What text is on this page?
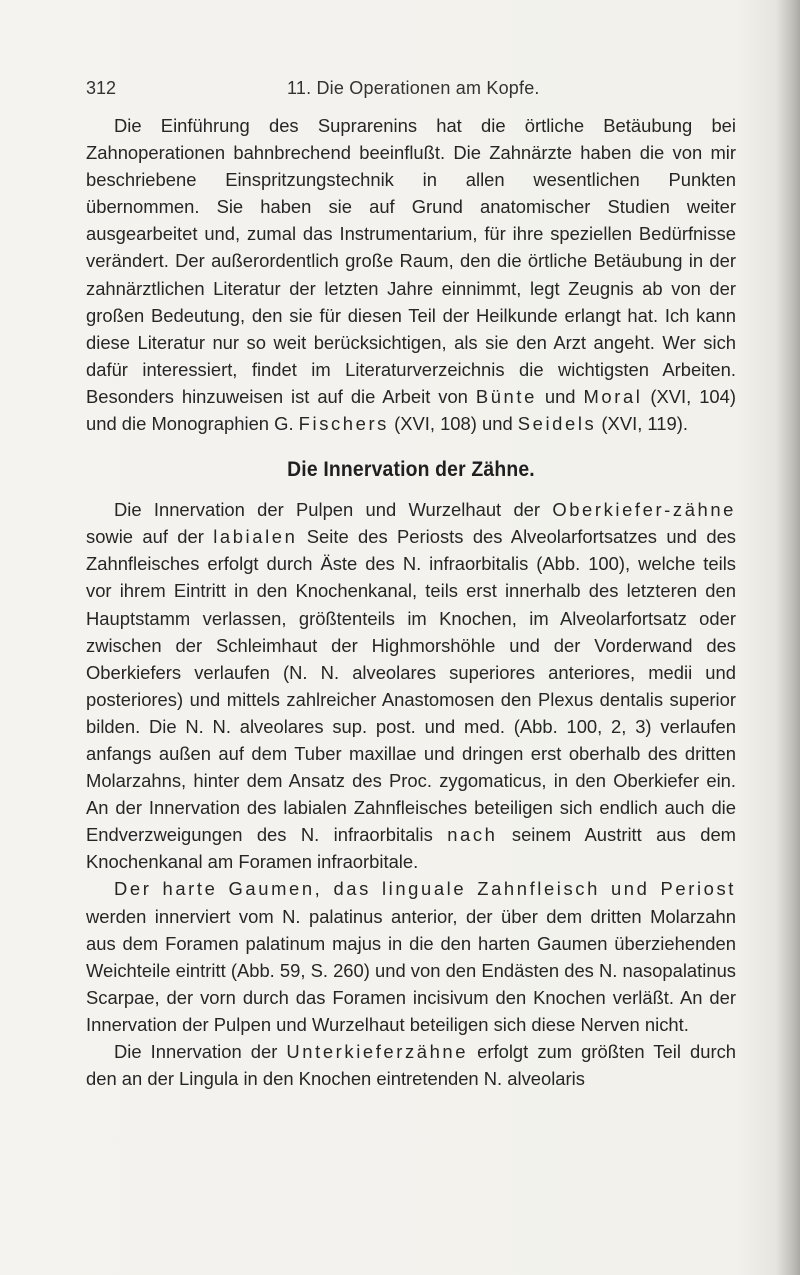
312	11. Die Operationen am Kopfe.

Die Einführung des Suprarenins hat die örtliche Betäubung bei Zahnoperationen bahnbrechend beeinflußt. Die Zahnärzte haben die von mir beschriebene Einspritzungstechnik in allen wesentlichen Punkten übernommen. Sie haben sie auf Grund anatomischer Studien weiter ausgearbeitet und, zumal das Instrumentarium, für ihre speziellen Bedürfnisse verändert. Der außerordentlich große Raum, den die örtliche Betäubung in der zahnärztlichen Literatur der letzten Jahre einnimmt, legt Zeugnis ab von der großen Bedeutung, den sie für diesen Teil der Heilkunde erlangt hat. Ich kann diese Literatur nur so weit berücksichtigen, als sie den Arzt angeht. Wer sich dafür interessiert, findet im Literaturverzeichnis die wichtigsten Arbeiten. Besonders hinzuweisen ist auf die Arbeit von Bünte und Moral (XVI, 104) und die Monographien G. Fischers (XVI, 108) und Seidels (XVI, 119).

Die Innervation der Zähne.

Die Innervation der Pulpen und Wurzelhaut der Oberkiefer-zähne sowie auf der labialen Seite des Periosts des Alveolarfortsatzes und des Zahnfleisches erfolgt durch Äste des N. infraorbitalis (Abb. 100), welche teils vor ihrem Eintritt in den Knochenkanal, teils erst innerhalb des letzteren den Hauptstamm verlassen, größtenteils im Knochen, im Alveolarfortsatz oder zwischen der Schleimhaut der Highmorshöhle und der Vorderwand des Oberkiefers verlaufen (N. N. alveolares superiores anteriores, medii und posteriores) und mittels zahlreicher Anastomosen den Plexus dentalis superior bilden. Die N. N. alveolares sup. post. und med. (Abb. 100, 2, 3) verlaufen anfangs außen auf dem Tuber maxillae und dringen erst oberhalb des dritten Molarzahns, hinter dem Ansatz des Proc. zygomaticus, in den Oberkiefer ein. An der Innervation des labialen Zahnfleisches beteiligen sich endlich auch die Endverzweigungen des N. infraorbitalis nach seinem Austritt aus dem Knochenkanal am Foramen infraorbitale.

Der harte Gaumen, das linguale Zahnfleisch und Periost werden innerviert vom N. palatinus anterior, der über dem dritten Molarzahn aus dem Foramen palatinum majus in die den harten Gaumen überziehenden Weichteile eintritt (Abb. 59, S. 260) und von den Endästen des N. nasopalatinus Scarpae, der vorn durch das Foramen incisivum den Knochen verläßt. An der Innervation der Pulpen und Wurzelhaut beteiligen sich diese Nerven nicht.

Die Innervation der Unterkieferzähne erfolgt zum größten Teil durch den an der Lingula in den Knochen eintretenden N. alveolaris
